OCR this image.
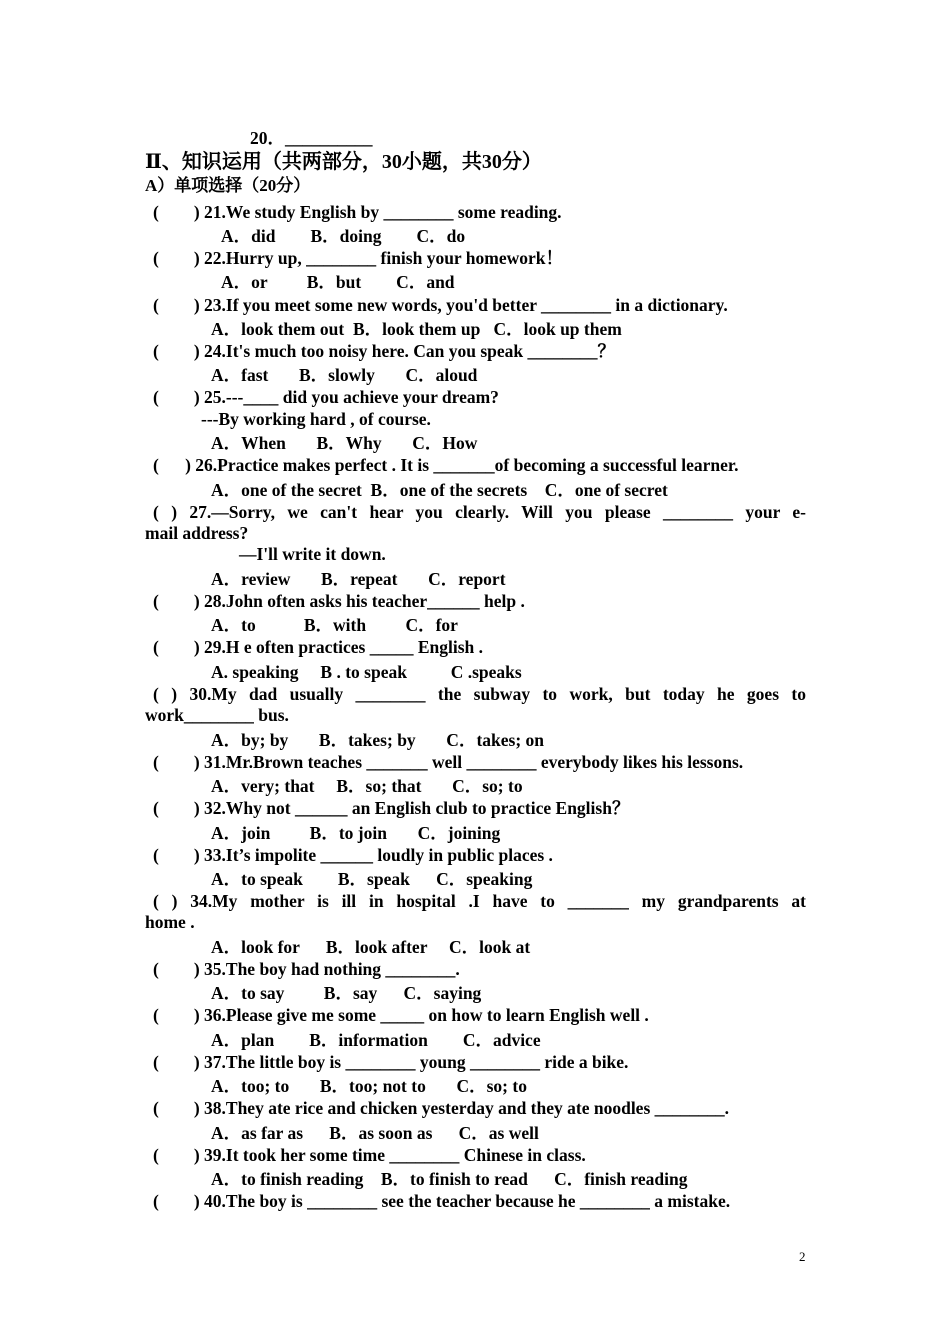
20．__________
Ⅱ、知识运用（共两部分，30小题，共30分）
A）单项选择（20分）
(        ) 21.We study English by ________ some reading.
A．did        B．doing        C．do
(        ) 22.Hurry up, ________ finish your homework！
A．or         B．but        C．and
(        ) 23.If you meet some new words, you'd better ________ in a dictionary.
A．look them out  B．look them up   C．look up them
(        ) 24.It's much too noisy here. Can you speak ________？
A．fast       B．slowly       C．aloud
(        ) 25.---____ did you achieve your dream?
---By working hard , of course.
A．When       B．Why       C．How
(      ) 26.Practice makes perfect . It is _______of becoming a successful learner.
A．one of the secret  B．one of the secrets    C．one of secret
( ) 27.—Sorry, we can't hear you clearly. Will you please ________ your e-
mail address?
—I'll write it down.
A．review       B．repeat       C．report
(        ) 28.John often asks his teacher______ help .
A．to           B．with         C．for
(        ) 29.H e often practices _____ English .
A. speaking     B . to speak          C .speaks
( ) 30.My dad usually ________ the subway to work, but today he goes to
work________ bus.
A．by; by       B．takes; by       C．takes; on
(        ) 31.Mr.Brown teaches _______ well ________ everybody likes his lessons.
A．very; that     B．so; that       C．so; to
(        ) 32.Why not ______ an English club to practice English？
A．join         B．to join       C．joining
(        ) 33.It’s impolite ______ loudly in public places .
A．to speak        B．speak      C．speaking
( ) 34.My mother is ill in hospital .I have to _______ my grandparents at
home .
A．look for      B．look after     C．look at
(        ) 35.The boy had nothing ________.
A．to say         B．say      C．saying
(        ) 36.Please give me some _____ on how to learn English well .
A．plan        B．information        C．advice
(        ) 37.The little boy is ________ young ________ ride a bike.
A．too; to       B．too; not to       C．so; to
(        ) 38.They ate rice and chicken yesterday and they ate noodles ________.
A．as far as      B．as soon as      C．as well
(        ) 39.It took her some time ________ Chinese in class.
A．to finish reading    B．to finish to read      C．finish reading
(        ) 40.The boy is ________ see the teacher because he ________ a mistake.
2
